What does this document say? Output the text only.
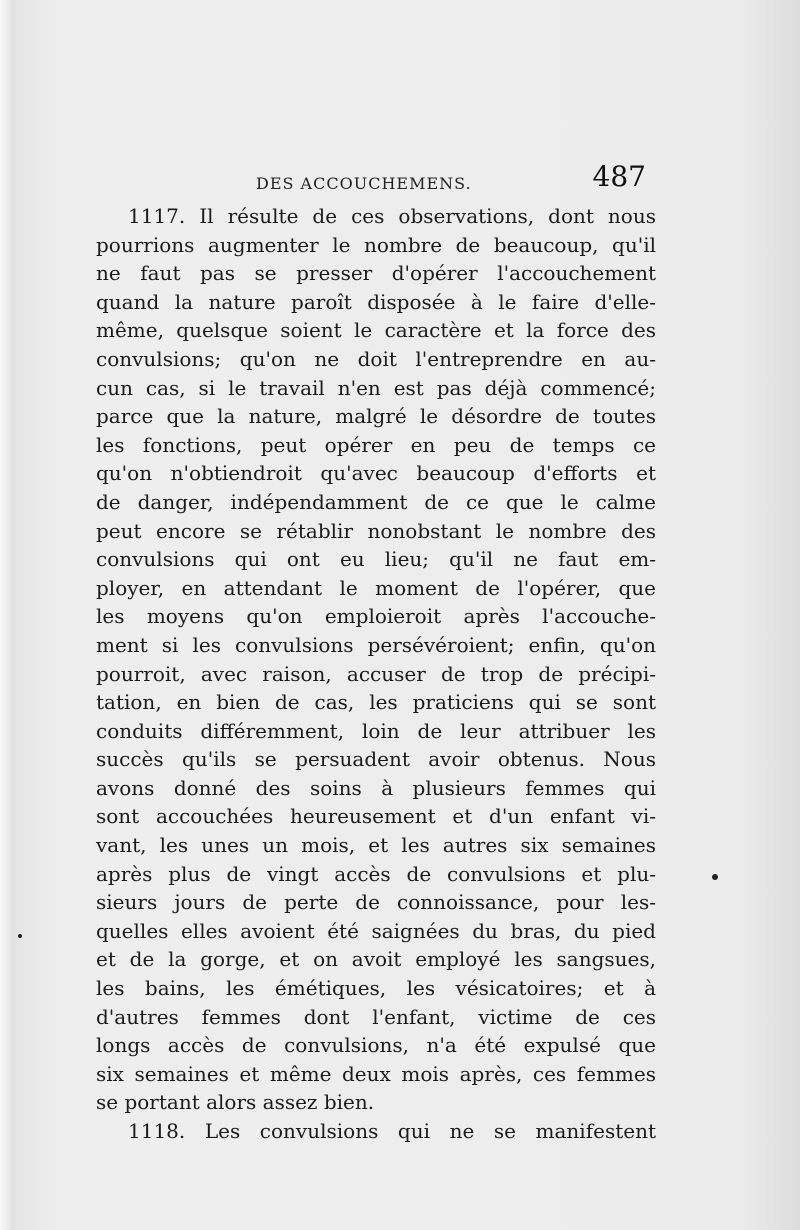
DES ACCOUCHEMENS.	487
1117. Il résulte de ces observations, dont nous
pourrions augmenter le nombre de beaucoup, qu'il
ne faut pas se presser d'opérer l'accouchement
quand la nature paroît disposée à le faire d'elle-
même, quelsque soient le caractère et la force des
convulsions; qu'on ne doit l'entreprendre en au-
cun cas, si le travail n'en est pas déjà commencé;
parce que la nature, malgré le désordre de toutes
les fonctions, peut opérer en peu de temps ce
qu'on n'obtiendroit qu'avec beaucoup d'efforts et
de danger, indépendamment de ce que le calme
peut encore se rétablir nonobstant le nombre des
convulsions qui ont eu lieu; qu'il ne faut em-
ployer, en attendant le moment de l'opérer, que
les moyens qu'on emploieroit après l'accouche-
ment si les convulsions persévéroient; enfin, qu'on
pourroit, avec raison, accuser de trop de précipi-
tation, en bien de cas, les praticiens qui se sont
conduits différemment, loin de leur attribuer les
succès qu'ils se persuadent avoir obtenus. Nous
avons donné des soins à plusieurs femmes qui
sont accouchées heureusement et d'un enfant vi-
vant, les unes un mois, et les autres six semaines
après plus de vingt accès de convulsions et plu-
sieurs jours de perte de connoissance, pour les-
quelles elles avoient été saignées du bras, du pied
et de la gorge, et on avoit employé les sangsues,
les bains, les émétiques, les vésicatoires; et à
d'autres femmes dont l'enfant, victime de ces
longs accès de convulsions, n'a été expulsé que
six semaines et même deux mois après, ces femmes
se portant alors assez bien.
1118. Les convulsions qui ne se manifestent
